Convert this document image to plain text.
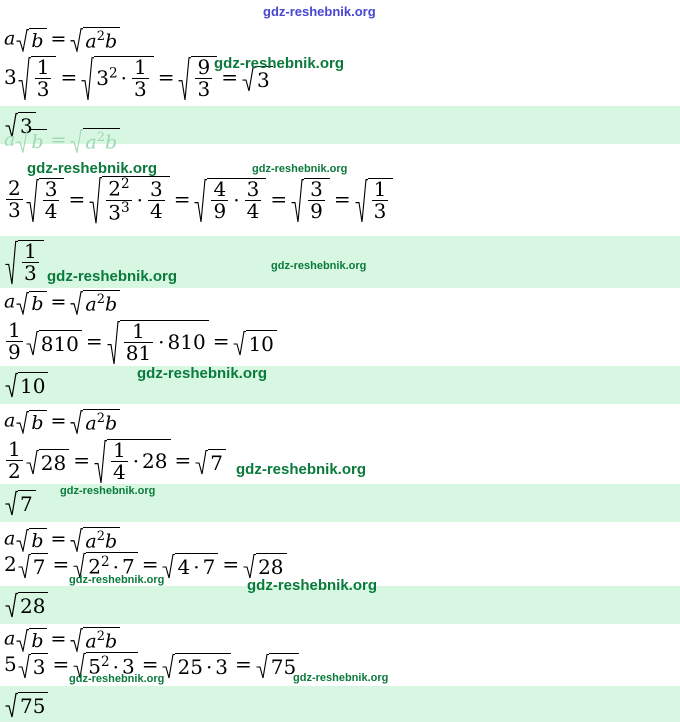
gdz-reshebnik.org
a $b = a^2b$
$3 \frac{1}{3} = 3^2 \cdot \frac{1}{3} = \frac{9}{3} = 3$
3
a $b = a^2b$
$\frac{2}{3} \frac{3}{4} = \frac{2^2}{3^3} \cdot \frac{3}{4} = \frac{4}{9} \cdot \frac{3}{4} = \frac{3}{9} = \frac{1}{3}$
$\frac{1}{3}$
a $b = a^2b$
$\frac{1}{9} 810 = \frac{1}{81} \cdot 810 = 10$
10
a $b = a^2b$
$\frac{1}{2} 28 = \frac{1}{4} \cdot 28 = 7$
7
a $b = a^2b$
2 $7 = 2^2 \cdot 7 = 4 \cdot 7 = 28$
28
a $b = a^2b$
5 $3 = 5^2 \cdot 3 = 25 \cdot 3 = 75$
75
gdz-reshebnik.org
gdz-reshebnik.org	gdz-reshebnik.org
gdz-reshebnik.org
gdz-reshebnik.org
gdz-reshebnik.org
gdz-reshebnik.org
gdz-reshebnik.org
gdz-reshebnik.org	gdz-reshebnik.org
gdz-reshebnik.org	gdz-reshebnik.org
